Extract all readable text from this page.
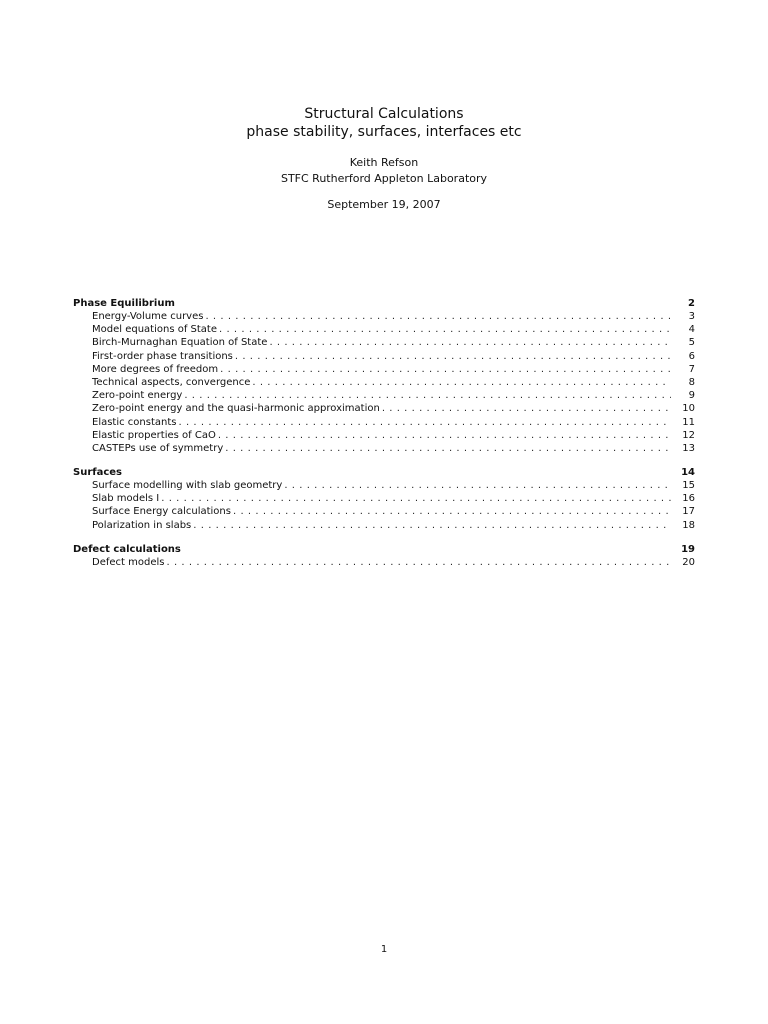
Structural Calculations
phase stability, surfaces, interfaces etc
Keith Refson
STFC Rutherford Appleton Laboratory
September 19, 2007
Phase Equilibrium	2
Energy-Volume curves . . .	3
Model equations of State . . .	4
Birch-Murnaghan Equation of State . . .	5
First-order phase transitions . . .	6
More degrees of freedom . . .	7
Technical aspects, convergence . . .	8
Zero-point energy . . .	9
Zero-point energy and the quasi-harmonic approximation . . .	10
Elastic constants . . .	11
Elastic properties of CaO . . .	12
CASTEPs use of symmetry . . .	13
Surfaces	14
Surface modelling with slab geometry . . .	15
Slab models I . . .	16
Surface Energy calculations . . .	17
Polarization in slabs . . .	18
Defect calculations	19
Defect models . . .	20
1
